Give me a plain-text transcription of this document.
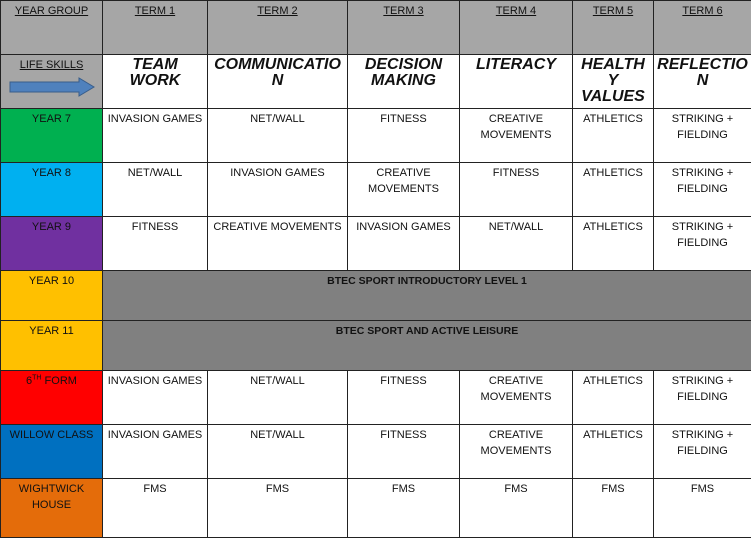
YEAR GROUP	TERM 1	TERM 2	TERM 3	TERM 4	TERM 5	TERM 6
LIFE SKILLS	TEAM WORK	COMMUNICATION	DECISION MAKING	LITERACY	HEALTHY VALUES	REFLECTION
YEAR 7	INVASION GAMES	NET/WALL	FITNESS	CREATIVE MOVEMENTS	ATHLETICS	STRIKING + FIELDING
YEAR 8	NET/WALL	INVASION GAMES	CREATIVE MOVEMENTS	FITNESS	ATHLETICS	STRIKING + FIELDING
YEAR 9	FITNESS	CREATIVE MOVEMENTS	INVASION GAMES	NET/WALL	ATHLETICS	STRIKING + FIELDING
YEAR 10	BTEC SPORT INTRODUCTORY LEVEL 1					
YEAR 11	BTEC SPORT AND ACTIVE LEISURE					
6TH FORM	INVASION GAMES	NET/WALL	FITNESS	CREATIVE MOVEMENTS	ATHLETICS	STRIKING + FIELDING
WILLOW CLASS	INVASION GAMES	NET/WALL	FITNESS	CREATIVE MOVEMENTS	ATHLETICS	STRIKING + FIELDING
WIGHTWICK HOUSE	FMS	FMS	FMS	FMS	FMS	FMS
